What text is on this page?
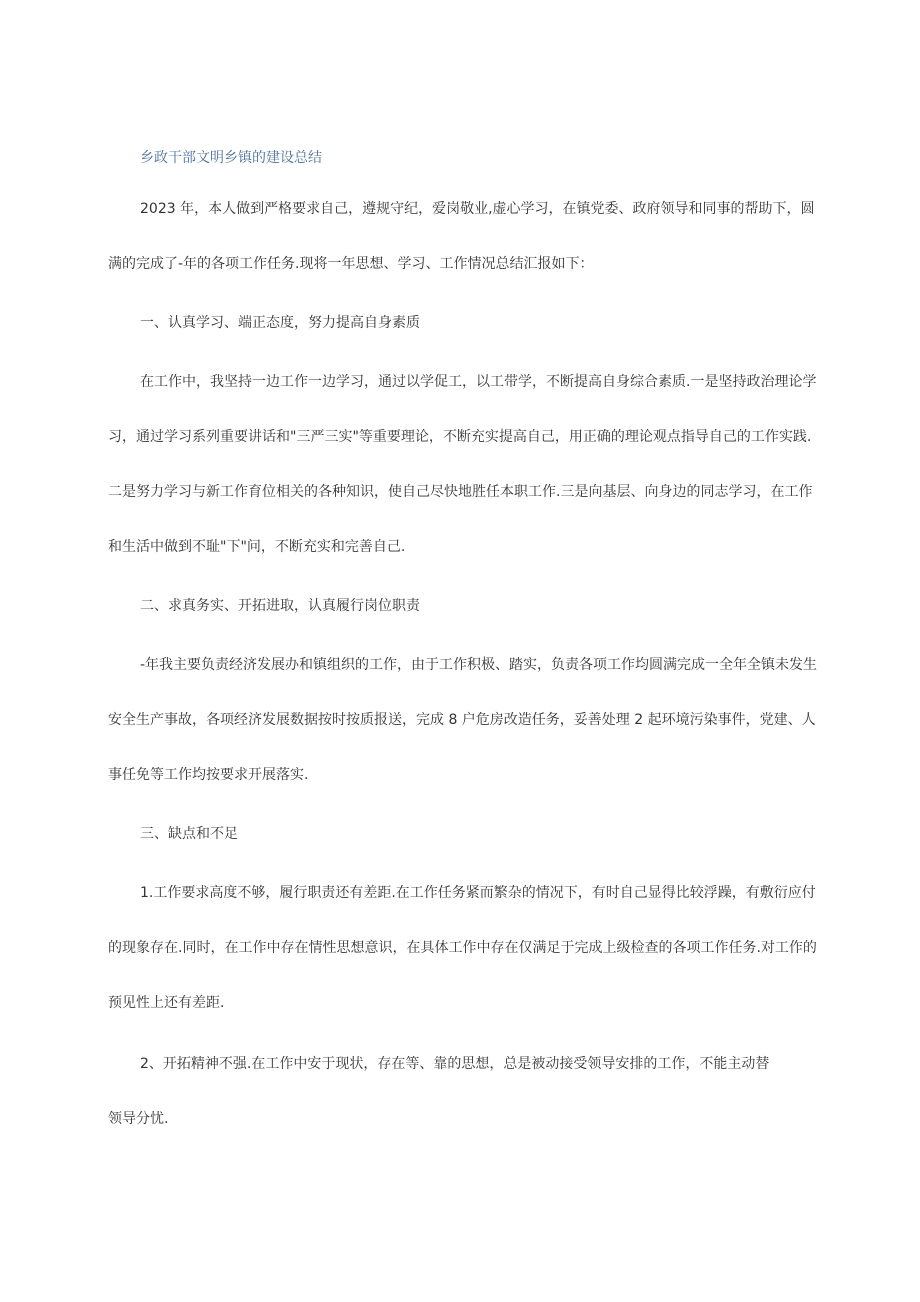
乡政干部文明乡镇的建设总结
2023 年，本人做到严格要求自己，遵规守纪，爱岗敬业,虚心学习，在镇党委、政府领导和同事的帮助下，圆
满的完成了-年的各项工作任务.现将一年思想、学习、工作情况总结汇报如下：
一、认真学习、端正态度，努力提高自身素质
在工作中，我坚持一边工作一边学习，通过以学促工，以工带学，不断提高自身综合素质.一是坚持政治理论学
习，通过学习系列重要讲话和"三严三实"等重要理论，不断充实提高自己，用正确的理论观点指导自己的工作实践.
二是努力学习与新工作育位相关的各种知识，使自己尽快地胜任本职工作.三是向基层、向身边的同志学习，在工作
和生活中做到不耻"下"问，不断充实和完善自己.
二、求真务实、开拓进取，认真履行岗位职责
-年我主要负责经济发展办和镇组织的工作，由于工作积极、踏实，负责各项工作均圆满完成一全年全镇未发生
安全生产事故，各项经济发展数据按时按质报送，完成 8 户危房改造任务，妥善处理 2 起环境污染事件，党建、人
事任免等工作均按要求开展落实.
三、缺点和不足
1.工作要求高度不够，履行职责还有差距.在工作任务紧而繁杂的情况下，有时自己显得比较浮躁，有敷衍应付
的现象存在.同时，在工作中存在情性思想意识，在具体工作中存在仅满足于完成上级检查的各项工作任务.对工作的
预见性上还有差距.
2、开拓精神不强.在工作中安于现状，存在等、靠的思想，总是被动接受领导安排的工作，不能主动替
领导分忧.
